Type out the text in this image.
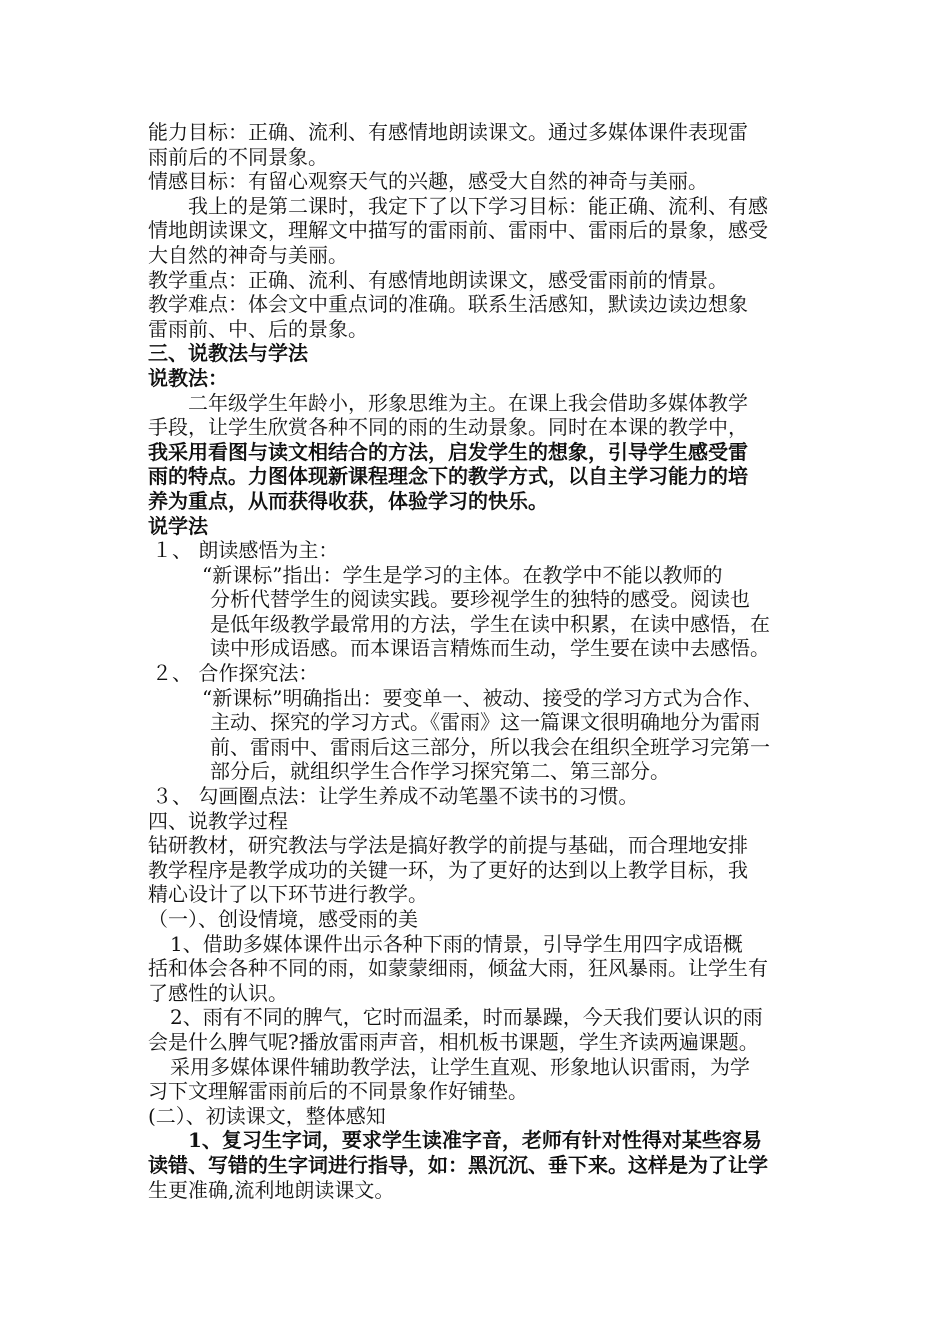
能力目标：正确、流利、有感情地朗读课文。通过多媒体课件表现雷
雨前后的不同景象。
情感目标：有留心观察天气的兴趣，感受大自然的神奇与美丽。
我上的是第二课时，我定下了以下学习目标：能正确、流利、有感
情地朗读课文，理解文中描写的雷雨前、雷雨中、雷雨后的景象，感受
大自然的神奇与美丽。
教学重点：正确、流利、有感情地朗读课文，感受雷雨前的情景。
教学难点：体会文中重点词的准确。联系生活感知，默读边读边想象
雷雨前、中、后的景象。
三、说教法与学法
说教法：
二年级学生年龄小，形象思维为主。在课上我会借助多媒体教学
手段，让学生欣赏各种不同的雨的生动景象。同时在本课的教学中，
我采用看图与读文相结合的方法，启发学生的想象，引导学生感受雷
雨的特点。力图体现新课程理念下的教学方式，以自主学习能力的培
养为重点，从而获得收获，体验学习的快乐。
说学法
１、 朗读感悟为主：
“新课标”指出：学生是学习的主体。在教学中不能以教师的
分析代替学生的阅读实践。要珍视学生的独特的感受。阅读也
是低年级教学最常用的方法，学生在读中积累，在读中感悟，在
读中形成语感。而本课语言精炼而生动，学生要在读中去感悟。
２、 合作探究法：
“新课标”明确指出：要变单一、被动、接受的学习方式为合作、
主动、探究的学习方式。《雷雨》这一篇课文很明确地分为雷雨
前、雷雨中、雷雨后这三部分，所以我会在组织全班学习完第一
部分后，就组织学生合作学习探究第二、第三部分。
３、 勾画圈点法：让学生养成不动笔墨不读书的习惯。
四、说教学过程
钻研教材，研究教法与学法是搞好教学的前提与基础，而合理地安排
教学程序是教学成功的关键一环，为了更好的达到以上教学目标，我
精心设计了以下环节进行教学。
（一）、创设情境，感受雨的美
1、借助多媒体课件出示各种下雨的情景，引导学生用四字成语概
括和体会各种不同的雨，如蒙蒙细雨，倾盆大雨，狂风暴雨。让学生有
了感性的认识。
2、雨有不同的脾气，它时而温柔，时而暴躁，今天我们要认识的雨
会是什么脾气呢?播放雷雨声音，相机板书课题，学生齐读两遍课题。
采用多媒体课件辅助教学法，让学生直观、形象地认识雷雨，为学
习下文理解雷雨前后的不同景象作好铺垫。
(二）、初读课文，整体感知
1、复习生字词，要求学生读准字音，老师有针对性得对某些容易
读错、写错的生字词进行指导，如：黑沉沉、垂下来。这样是为了让学
生更准确,流利地朗读课文。
